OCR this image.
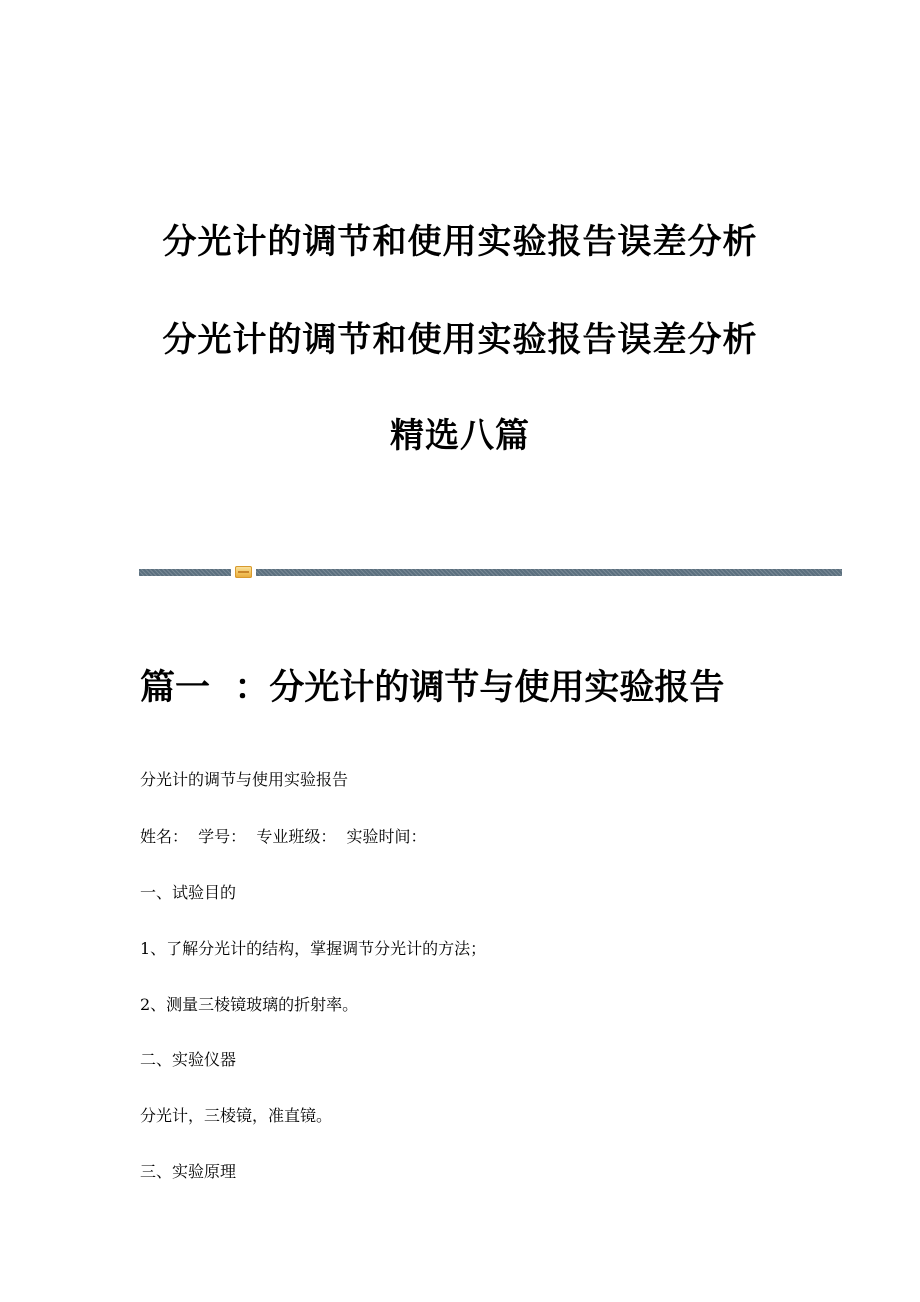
分光计的调节和使用实验报告误差分析
分光计的调节和使用实验报告误差分析
精选八篇
篇一  ：分光计的调节与使用实验报告
分光计的调节与使用实验报告
姓名：  学号：  专业班级：  实验时间：
一、试验目的
1、了解分光计的结构，掌握调节分光计的方法；
2、测量三棱镜玻璃的折射率。
二、实验仪器
分光计，三棱镜，准直镜。
三、实验原理
